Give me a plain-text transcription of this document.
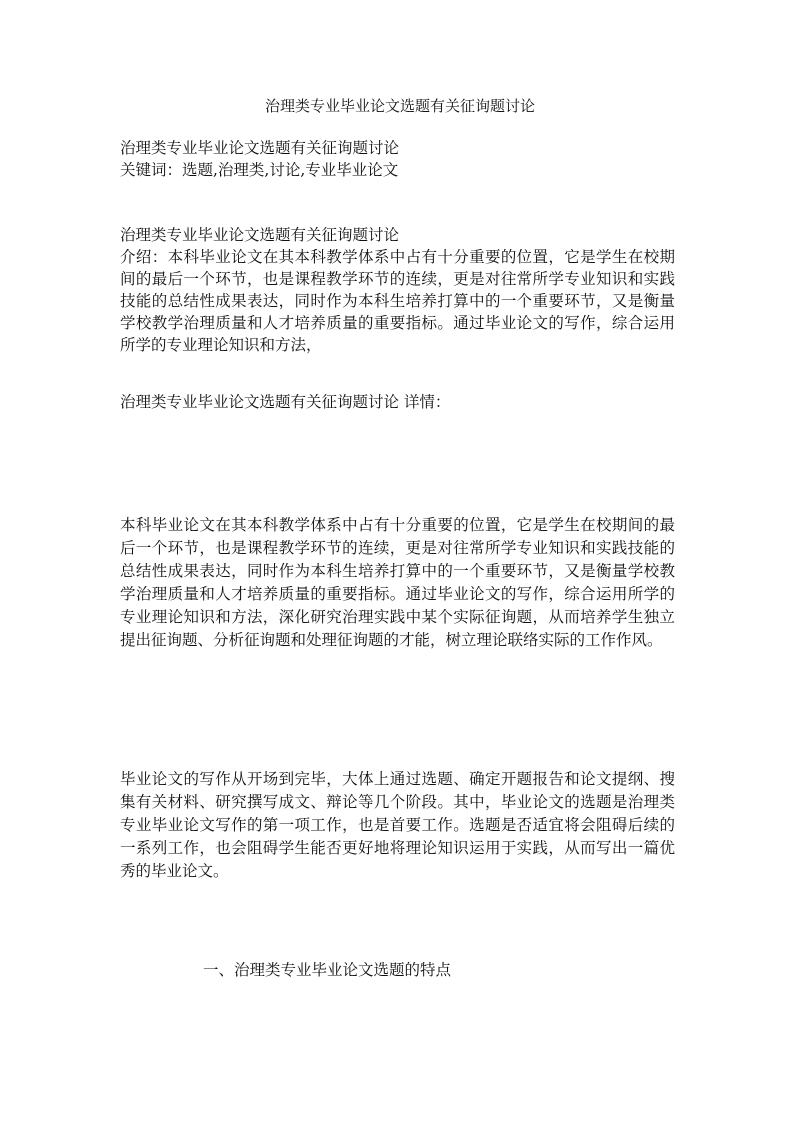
治理类专业毕业论文选题有关征询题讨论

治理类专业毕业论文选题有关征询题讨论

关键词：选题,治理类,讨论,专业毕业论文

治理类专业毕业论文选题有关征询题讨论

介绍：本科毕业论文在其本科教学体系中占有十分重要的位置，它是学生在校期间的最后一个环节，也是课程教学环节的连续，更是对往常所学专业知识和实践技能的总结性成果表达，同时作为本科生培养打算中的一个重要环节，又是衡量学校教学治理质量和人才培养质量的重要指标。通过毕业论文的写作，综合运用所学的专业理论知识和方法，

治理类专业毕业论文选题有关征询题讨论 详情：

本科毕业论文在其本科教学体系中占有十分重要的位置，它是学生在校期间的最后一个环节，也是课程教学环节的连续，更是对往常所学专业知识和实践技能的总结性成果表达，同时作为本科生培养打算中的一个重要环节，又是衡量学校教学治理质量和人才培养质量的重要指标。通过毕业论文的写作，综合运用所学的专业理论知识和方法，深化研究治理实践中某个实际征询题，从而培养学生独立提出征询题、分析征询题和处理征询题的才能，树立理论联络实际的工作作风。

毕业论文的写作从开场到完毕，大体上通过选题、确定开题报告和论文提纲、搜集有关材料、研究撰写成文、辩论等几个阶段。其中，毕业论文的选题是治理类专业毕业论文写作的第一项工作，也是首要工作。选题是否适宜将会阻碍后续的一系列工作，也会阻碍学生能否更好地将理论知识运用于实践，从而写出一篇优秀的毕业论文。

一、治理类专业毕业论文选题的特点
